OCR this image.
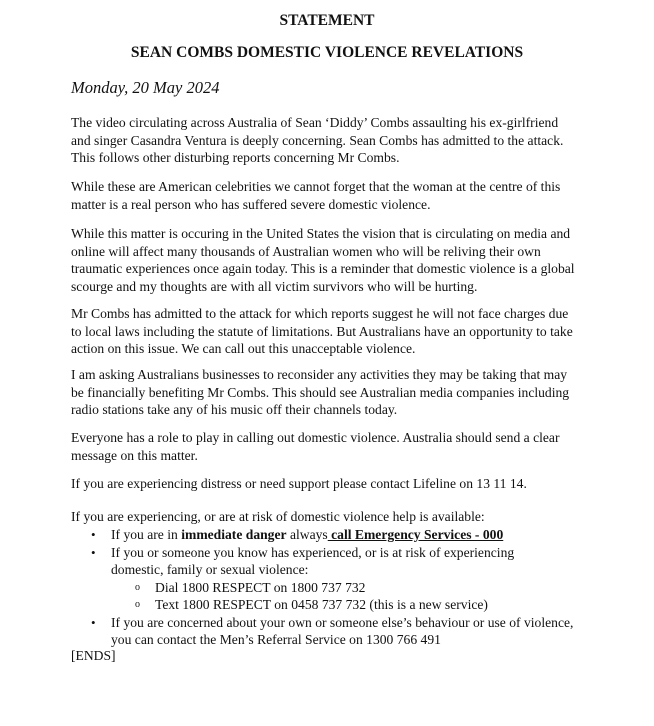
STATEMENT
SEAN COMBS DOMESTIC VIOLENCE REVELATIONS

Monday, 20 May 2024

The video circulating across Australia of Sean ‘Diddy’ Combs assaulting his ex-girlfriend
and singer Casandra Ventura is deeply concerning. Sean Combs has admitted to the attack.
This follows other disturbing reports concerning Mr Combs.

While these are American celebrities we cannot forget that the woman at the centre of this
matter is a real person who has suffered severe domestic violence.

While this matter is occuring in the United States the vision that is circulating on media and
online will affect many thousands of Australian women who will be reliving their own
traumatic experiences once again today. This is a reminder that domestic violence is a global
scourge and my thoughts are with all victim survivors who will be hurting.

Mr Combs has admitted to the attack for which reports suggest he will not face charges due
to local laws including the statute of limitations. But Australians have an opportunity to take
action on this issue. We can call out this unacceptable violence.

I am asking Australians businesses to reconsider any activities they may be taking that may
be financially benefiting Mr Combs. This should see Australian media companies including
radio stations take any of his music off their channels today.

Everyone has a role to play in calling out domestic violence. Australia should send a clear
message on this matter.

If you are experiencing distress or need support please contact Lifeline on 13 11 14.

If you are experiencing, or are at risk of domestic violence help is available:

• If you are in immediate danger always call Emergency Services - 000
• If you or someone you know has experienced, or is at risk of experiencing
domestic, family or sexual violence:
o Dial 1800 RESPECT on 1800 737 732
o Text 1800 RESPECT on 0458 737 732 (this is a new service)
• If you are concerned about your own or someone else’s behaviour or use of violence,
you can contact the Men’s Referral Service on 1300 766 491

[ENDS]
